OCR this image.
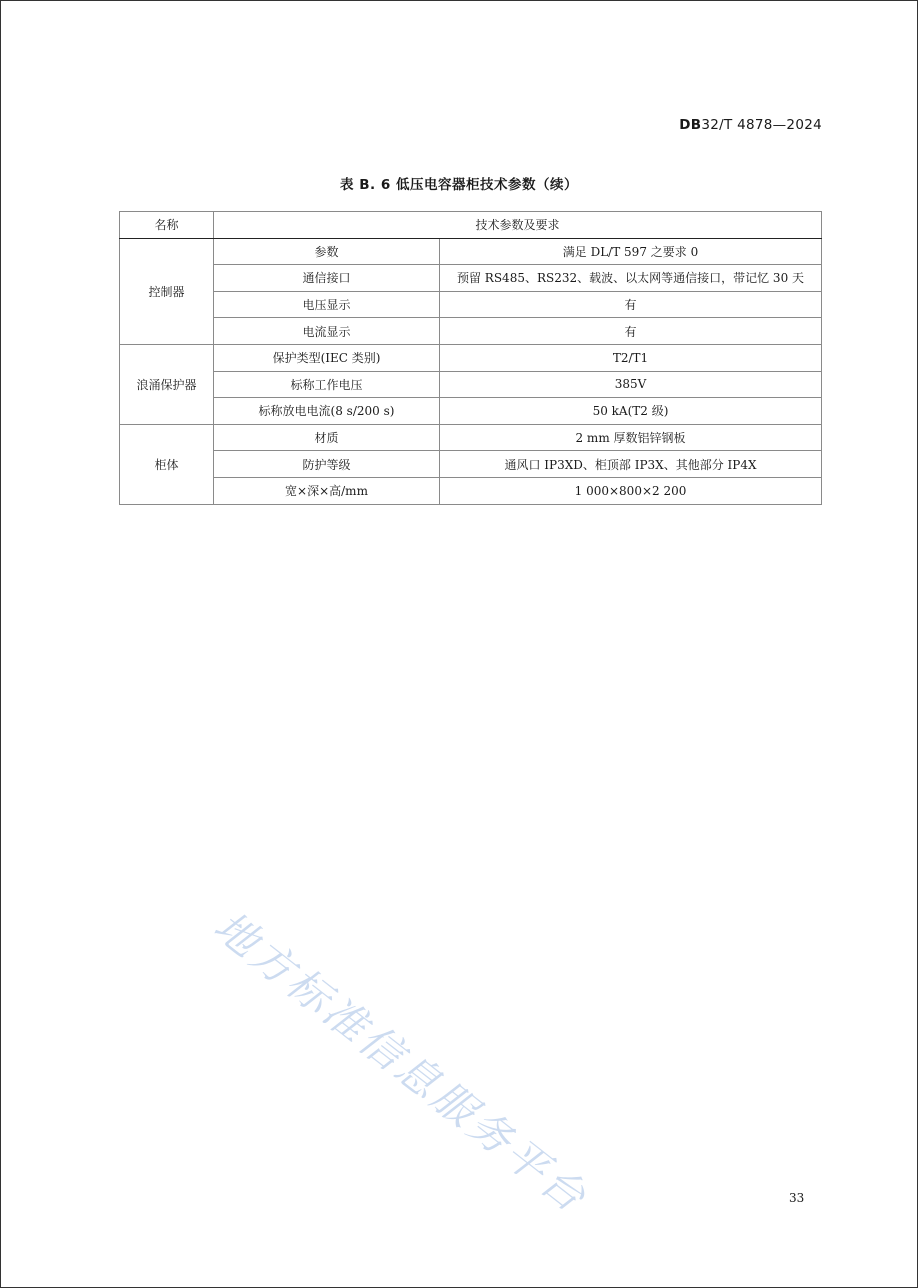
DB32/T 4878—2024
表 B. 6 低压电容器柜技术参数（续）
名称	技术参数及要求	
控制器	参数	满足 DL/T 597 之要求 0
	通信接口	预留 RS485、RS232、载波、以太网等通信接口，带记忆 30 天
	电压显示	有
	电流显示	有
浪涌保护器	保护类型(IEC 类别)	T2/T1
	标称工作电压	385V
	标称放电电流(8 s/200 s)	50 kA(T2 级)
柜体	材质	2 mm 厚数铝锌钢板
	防护等级	通风口 IP3XD、柜顶部 IP3X、其他部分 IP4X
	宽×深×高/mm	1 000×800×2 200
地方标准信息服务平台	33
